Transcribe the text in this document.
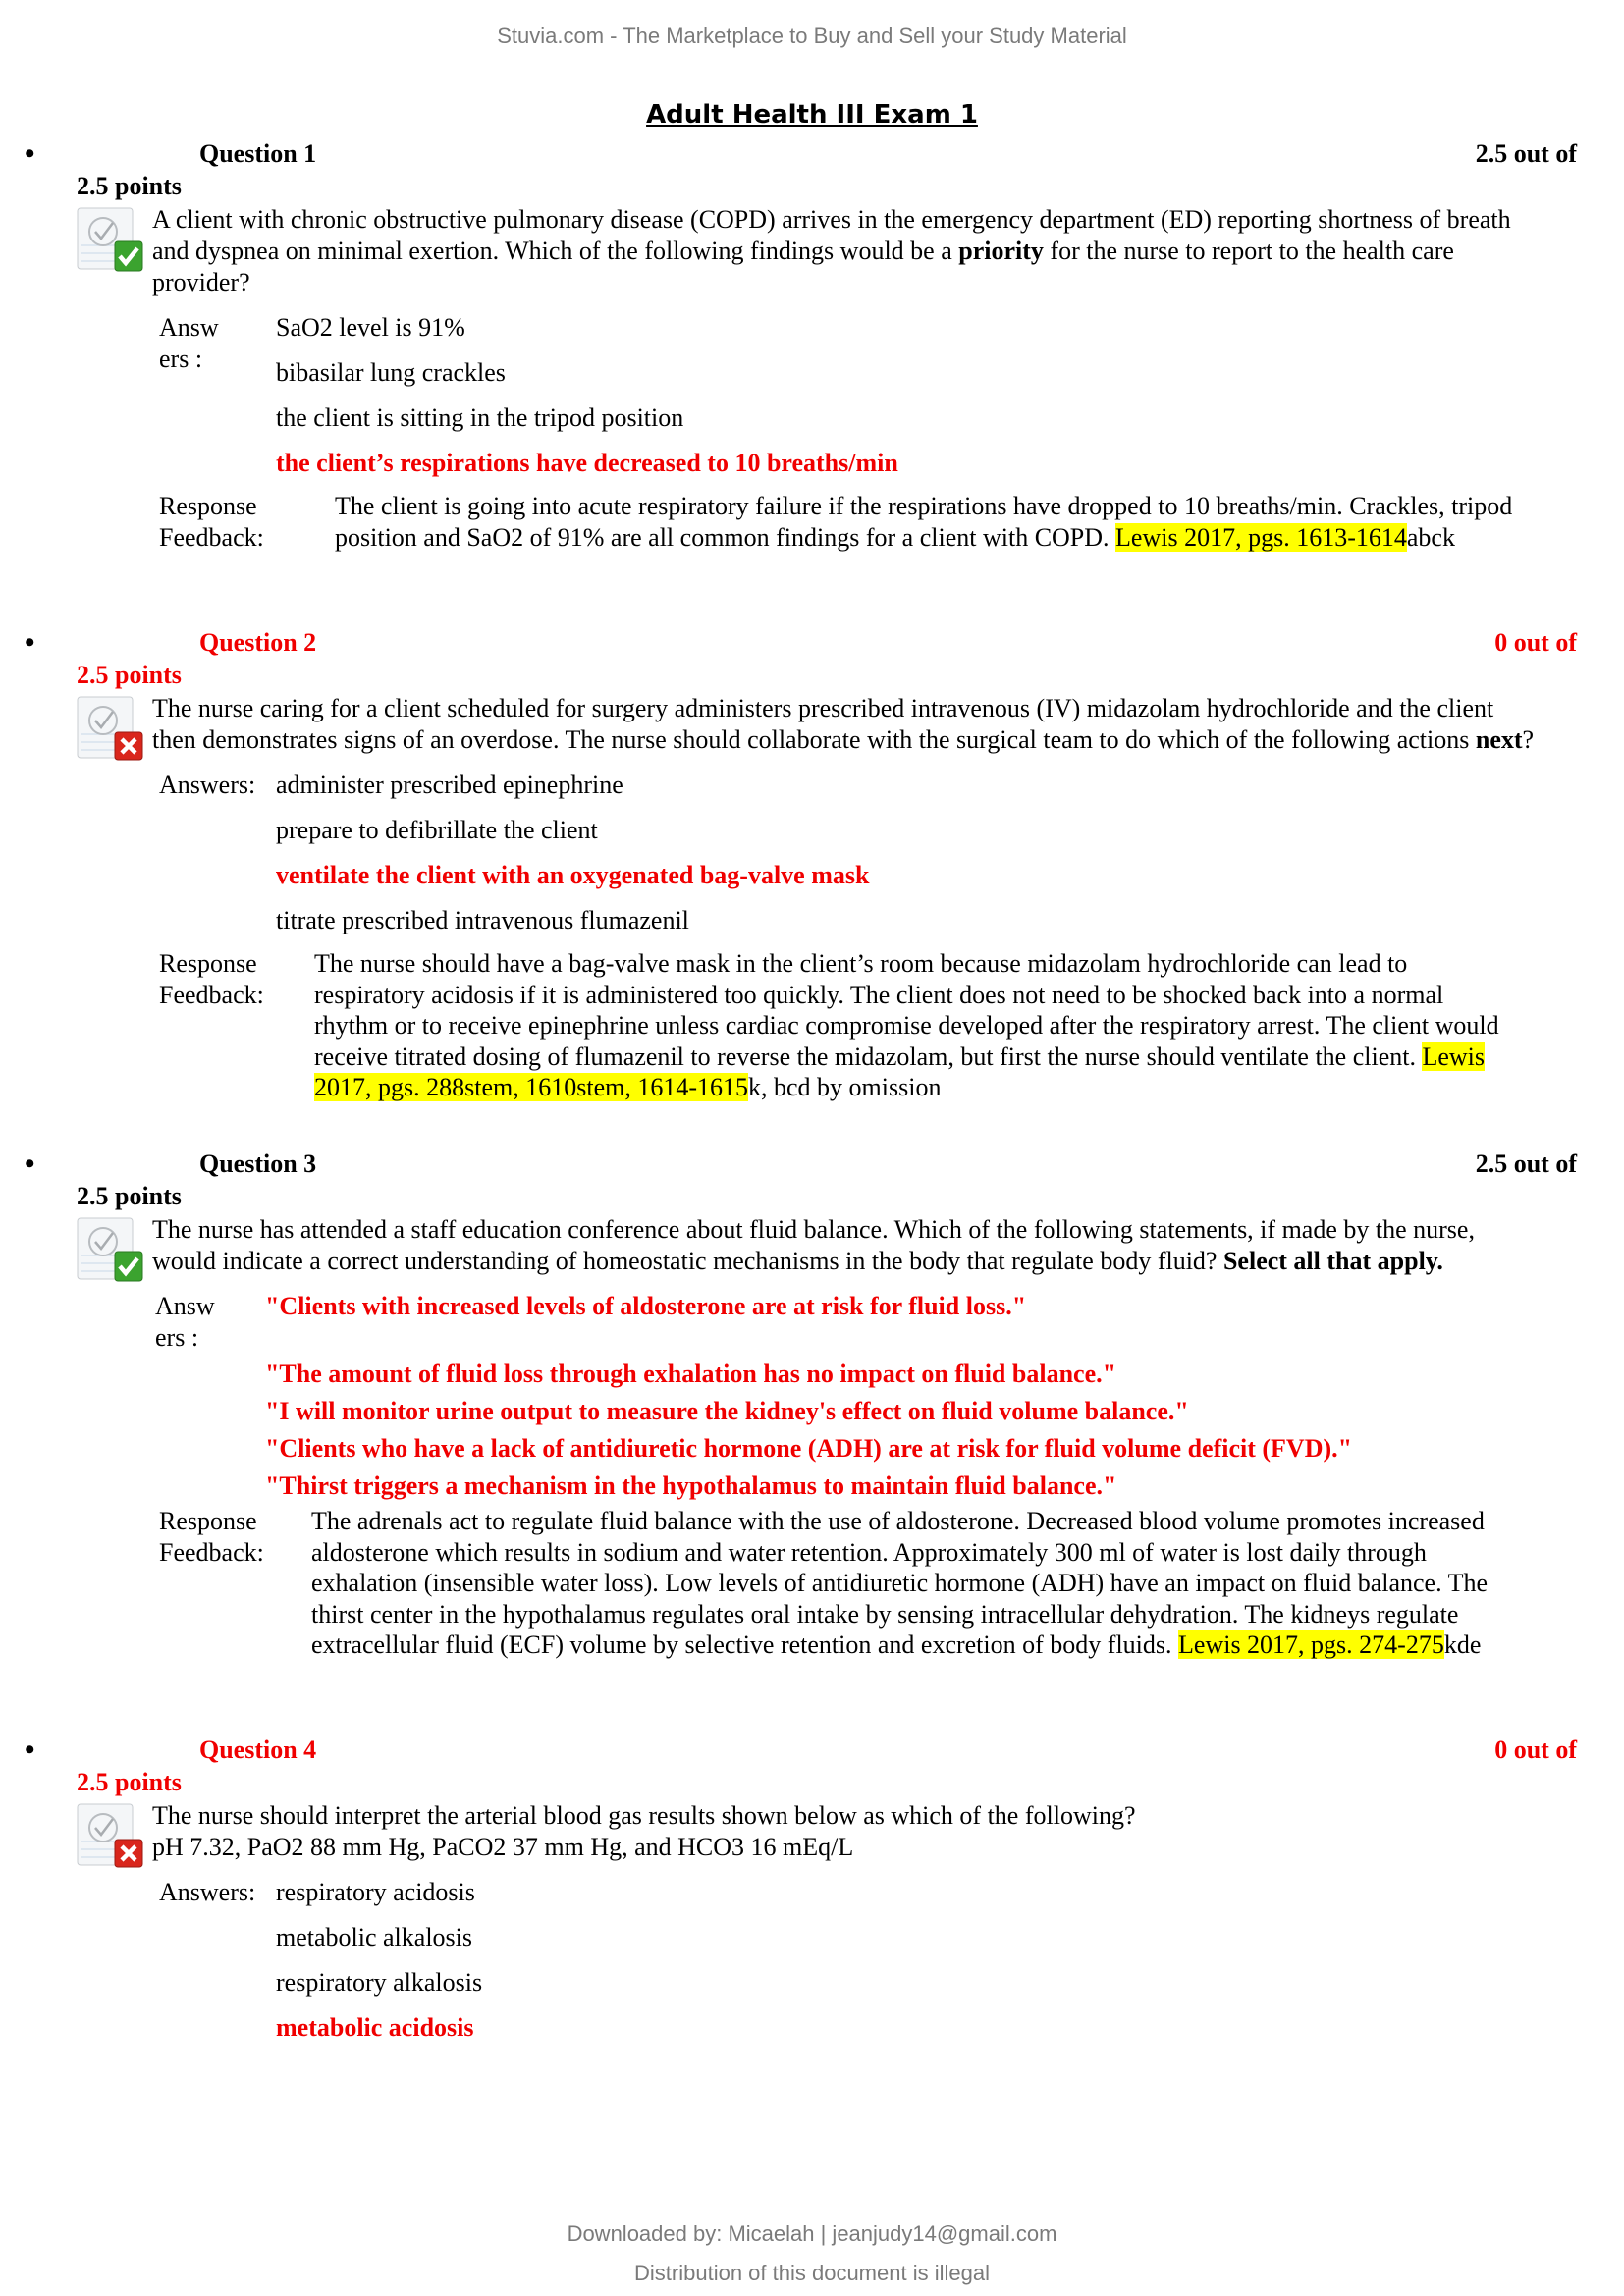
Stuvia.com - The Marketplace to Buy and Sell your Study Material
Adult Health III Exam 1
•	Question 1	2.5 out of
2.5 points
A client with chronic obstructive pulmonary disease (COPD) arrives in the emergency department (ED) reporting shortness of breath and dyspnea on minimal exertion. Which of the following findings would be a priority for the nurse to report to the health care provider?
Answers :
SaO2 level is 91%
bibasilar lung crackles
the client is sitting in the tripod position
the client’s respirations have decreased to 10 breaths/min
Response Feedback:
The client is going into acute respiratory failure if the respirations have dropped to 10 breaths/min. Crackles, tripod position and SaO2 of 91% are all common findings for a client with COPD. Lewis 2017, pgs. 1613-1614abck
•	Question 2	0 out of
2.5 points
The nurse caring for a client scheduled for surgery administers prescribed intravenous (IV) midazolam hydrochloride and the client then demonstrates signs of an overdose. The nurse should collaborate with the surgical team to do which of the following actions next?
Answers: administer prescribed epinephrine
prepare to defibrillate the client
ventilate the client with an oxygenated bag-valve mask
titrate prescribed intravenous flumazenil
Response Feedback:
The nurse should have a bag-valve mask in the client’s room because midazolam hydrochloride can lead to respiratory acidosis if it is administered too quickly. The client does not need to be shocked back into a normal rhythm or to receive epinephrine unless cardiac compromise developed after the respiratory arrest. The client would receive titrated dosing of flumazenil to reverse the midazolam, but first the nurse should ventilate the client. Lewis 2017, pgs. 288stem, 1610stem, 1614-1615k, bcd by omission
•	Question 3	2.5 out of
2.5 points
The nurse has attended a staff education conference about fluid balance. Which of the following statements, if made by the nurse, would indicate a correct understanding of homeostatic mechanisms in the body that regulate body fluid? Select all that apply.
Answers :
"Clients with increased levels of aldosterone are at risk for fluid loss."
"The amount of fluid loss through exhalation has no impact on fluid balance."
"I will monitor urine output to measure the kidney's effect on fluid volume balance."
"Clients who have a lack of antidiuretic hormone (ADH) are at risk for fluid volume deficit (FVD)."
"Thirst triggers a mechanism in the hypothalamus to maintain fluid balance."
Response Feedback:
The adrenals act to regulate fluid balance with the use of aldosterone. Decreased blood volume promotes increased aldosterone which results in sodium and water retention. Approximately 300 ml of water is lost daily through exhalation (insensible water loss). Low levels of antidiuretic hormone (ADH) have an impact on fluid balance. The thirst center in the hypothalamus regulates oral intake by sensing intracellular dehydration. The kidneys regulate extracellular fluid (ECF) volume by selective retention and excretion of body fluids. Lewis 2017, pgs. 274-275kde
•	Question 4	0 out of
2.5 points
The nurse should interpret the arterial blood gas results shown below as which of the following?
pH 7.32, PaO2 88 mm Hg, PaCO2 37 mm Hg, and HCO3 16 mEq/L
Answers: respiratory acidosis
metabolic alkalosis
respiratory alkalosis
metabolic acidosis
Downloaded by: Micaelah | jeanjudy14@gmail.com
Distribution of this document is illegal
